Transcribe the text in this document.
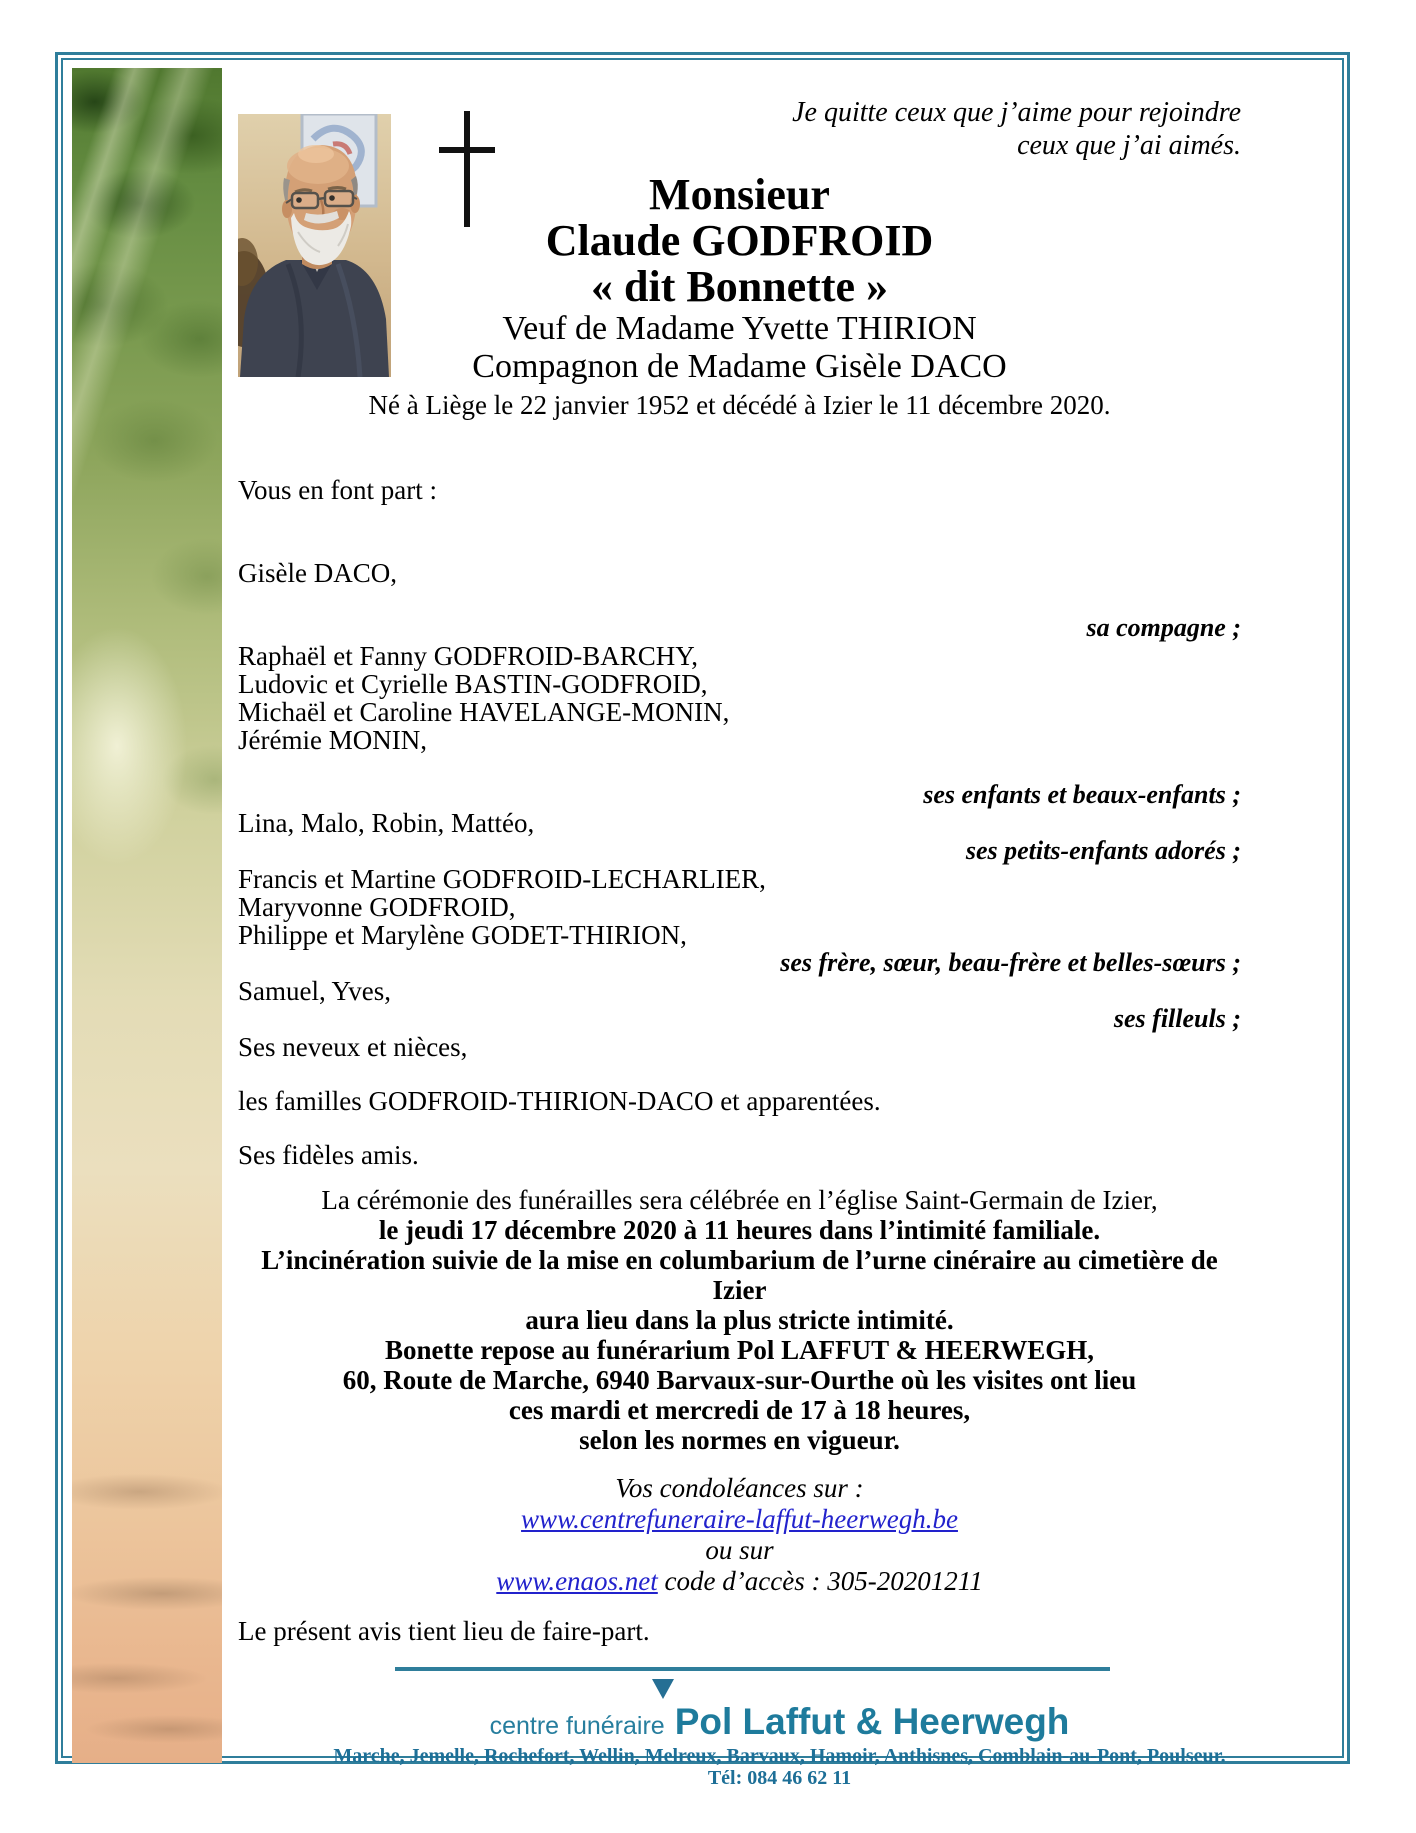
Je quitte ceux que j’aime pour rejoindre
ceux que j’ai aimés.
Monsieur
Claude GODFROID
« dit Bonnette »
Veuf de Madame Yvette THIRION
Compagnon de Madame Gisèle DACO

Né à Liège le 22 janvier 1952 et décédé à Izier le 11 décembre 2020.

Vous en font part :

Gisèle DACO,

sa compagne ;

Raphaël et Fanny GODFROID-BARCHY,

Ludovic et Cyrielle BASTIN-GODFROID,

Michaël et Caroline HAVELANGE-MONIN,

Jérémie MONIN,

ses enfants et beaux-enfants ;

Lina, Malo, Robin, Mattéo,

ses petits-enfants adorés ;

Francis et Martine GODFROID-LECHARLIER,

Maryvonne GODFROID,

Philippe et Marylène GODET-THIRION,

ses frère, sœur, beau-frère et belles-sœurs ;

Samuel, Yves,

ses filleuls ;

Ses neveux et nièces,

les familles GODFROID-THIRION-DACO et apparentées.

Ses fidèles amis.

La cérémonie des funérailles sera célébrée en l’église Saint-Germain de Izier,

le jeudi 17 décembre 2020 à 11 heures dans l’intimité familiale.

L’incinération suivie de la mise en columbarium de l’urne cinéraire au cimetière de Izier

aura lieu dans la plus stricte intimité.

Bonette repose au funérarium Pol LAFFUT & HEERWEGH,

60, Route de Marche, 6940 Barvaux-sur-Ourthe où les visites ont lieu

ces mardi et mercredi de 17 à 18 heures,

selon les normes en vigueur.

Vos condoléances sur :

www.centrefuneraire-laffut-heerwegh.be

ou sur

www.enaos.net code d’accès : 305-20201211

Le présent avis tient lieu de faire-part.

centre funéraire Pol Laffut & Heerwegh
Marche, Jemelle, Rochefort, Wellin, Melreux, Barvaux, Hamoir, Anthisnes, Comblain-au-Pont, Poulseur.
Tél: 084 46 62 11
